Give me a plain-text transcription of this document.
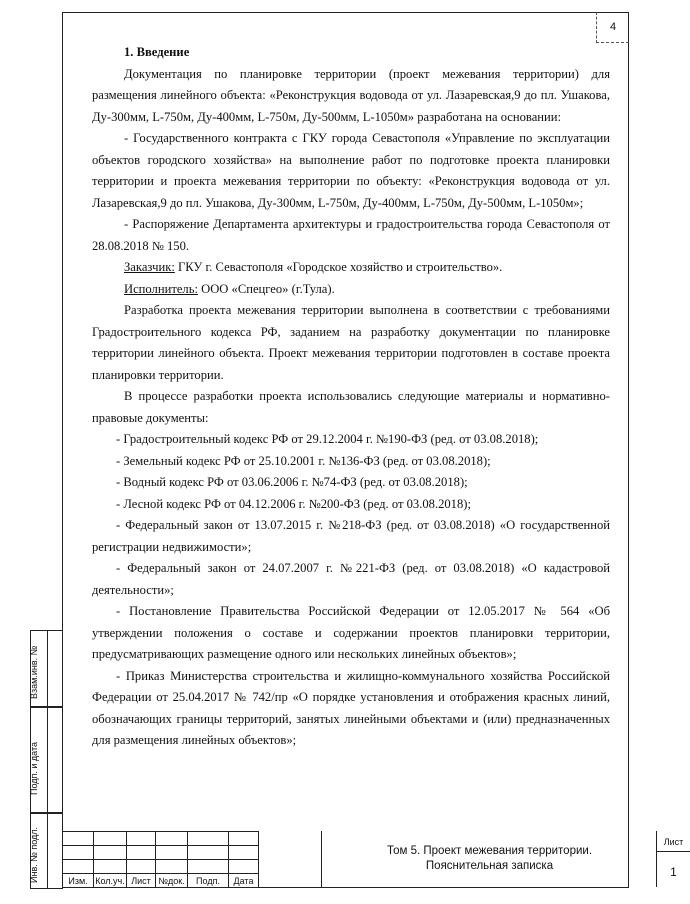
4

1. Введение

Документация по планировке территории (проект межевания территории) для размещения линейного объекта: «Реконструкция водовода от ул. Лазаревская,9 до пл. Ушакова, Ду-300мм, L-750м, Ду-400мм, L-750м, Ду-500мм, L-1050м» разработана на основании:

- Государственного контракта с ГКУ города Севастополя «Управление по эксплуатации объектов городского хозяйства» на выполнение работ по подготовке проекта планировки территории и проекта межевания территории по объекту: «Реконструкция водовода от ул. Лазаревская,9 до пл. Ушакова, Ду-300мм, L-750м, Ду-400мм, L-750м, Ду-500мм, L-1050м»;

- Распоряжение Департамента архитектуры и градостроительства города Севастополя от 28.08.2018 № 150.

Заказчик: ГКУ г. Севастополя «Городское хозяйство и строительство».

Исполнитель: ООО «Спецгео» (г.Тула).

Разработка проекта межевания территории выполнена в соответствии с требованиями Градостроительного кодекса РФ, заданием на разработку документации по планировке территории линейного объекта. Проект межевания территории подготовлен в составе проекта планировки территории.

В процессе разработки проекта использовались следующие материалы и нормативно-правовые документы:

- Градостроительный кодекс РФ от 29.12.2004 г. №190-ФЗ (ред. от 03.08.2018);

- Земельный кодекс РФ от 25.10.2001 г. №136-ФЗ (ред. от 03.08.2018);

- Водный кодекс РФ от 03.06.2006 г. №74-ФЗ (ред. от 03.08.2018);

- Лесной кодекс РФ от 04.12.2006 г. №200-ФЗ (ред. от 03.08.2018);

- Федеральный закон от 13.07.2015 г. №218-ФЗ (ред. от 03.08.2018) «О государственной регистрации недвижимости»;

- Федеральный закон от 24.07.2007 г. №221-ФЗ (ред. от 03.08.2018) «О кадастровой деятельности»;

- Постановление Правительства Российской Федерации от 12.05.2017 № 564 «Об утверждении положения о составе и содержании проектов планировки территории, предусматривающих размещение одного или нескольких линейных объектов»;

- Приказ Министерства строительства и жилищно-коммунального хозяйства Российской Федерации от 25.04.2017 № 742/пр «О порядке установления и отображения красных линий, обозначающих границы территорий, занятых линейными объектами и (или) предназначенных для размещения линейных объектов»;

Взам.инв. №
Подп. и дата
Инв. № подл.

						Изм.	Кол.уч.	Лист	№док.	Подп.	Дата
Том 5. Проект межевания территории.
Пояснительная записка
Лист
1
